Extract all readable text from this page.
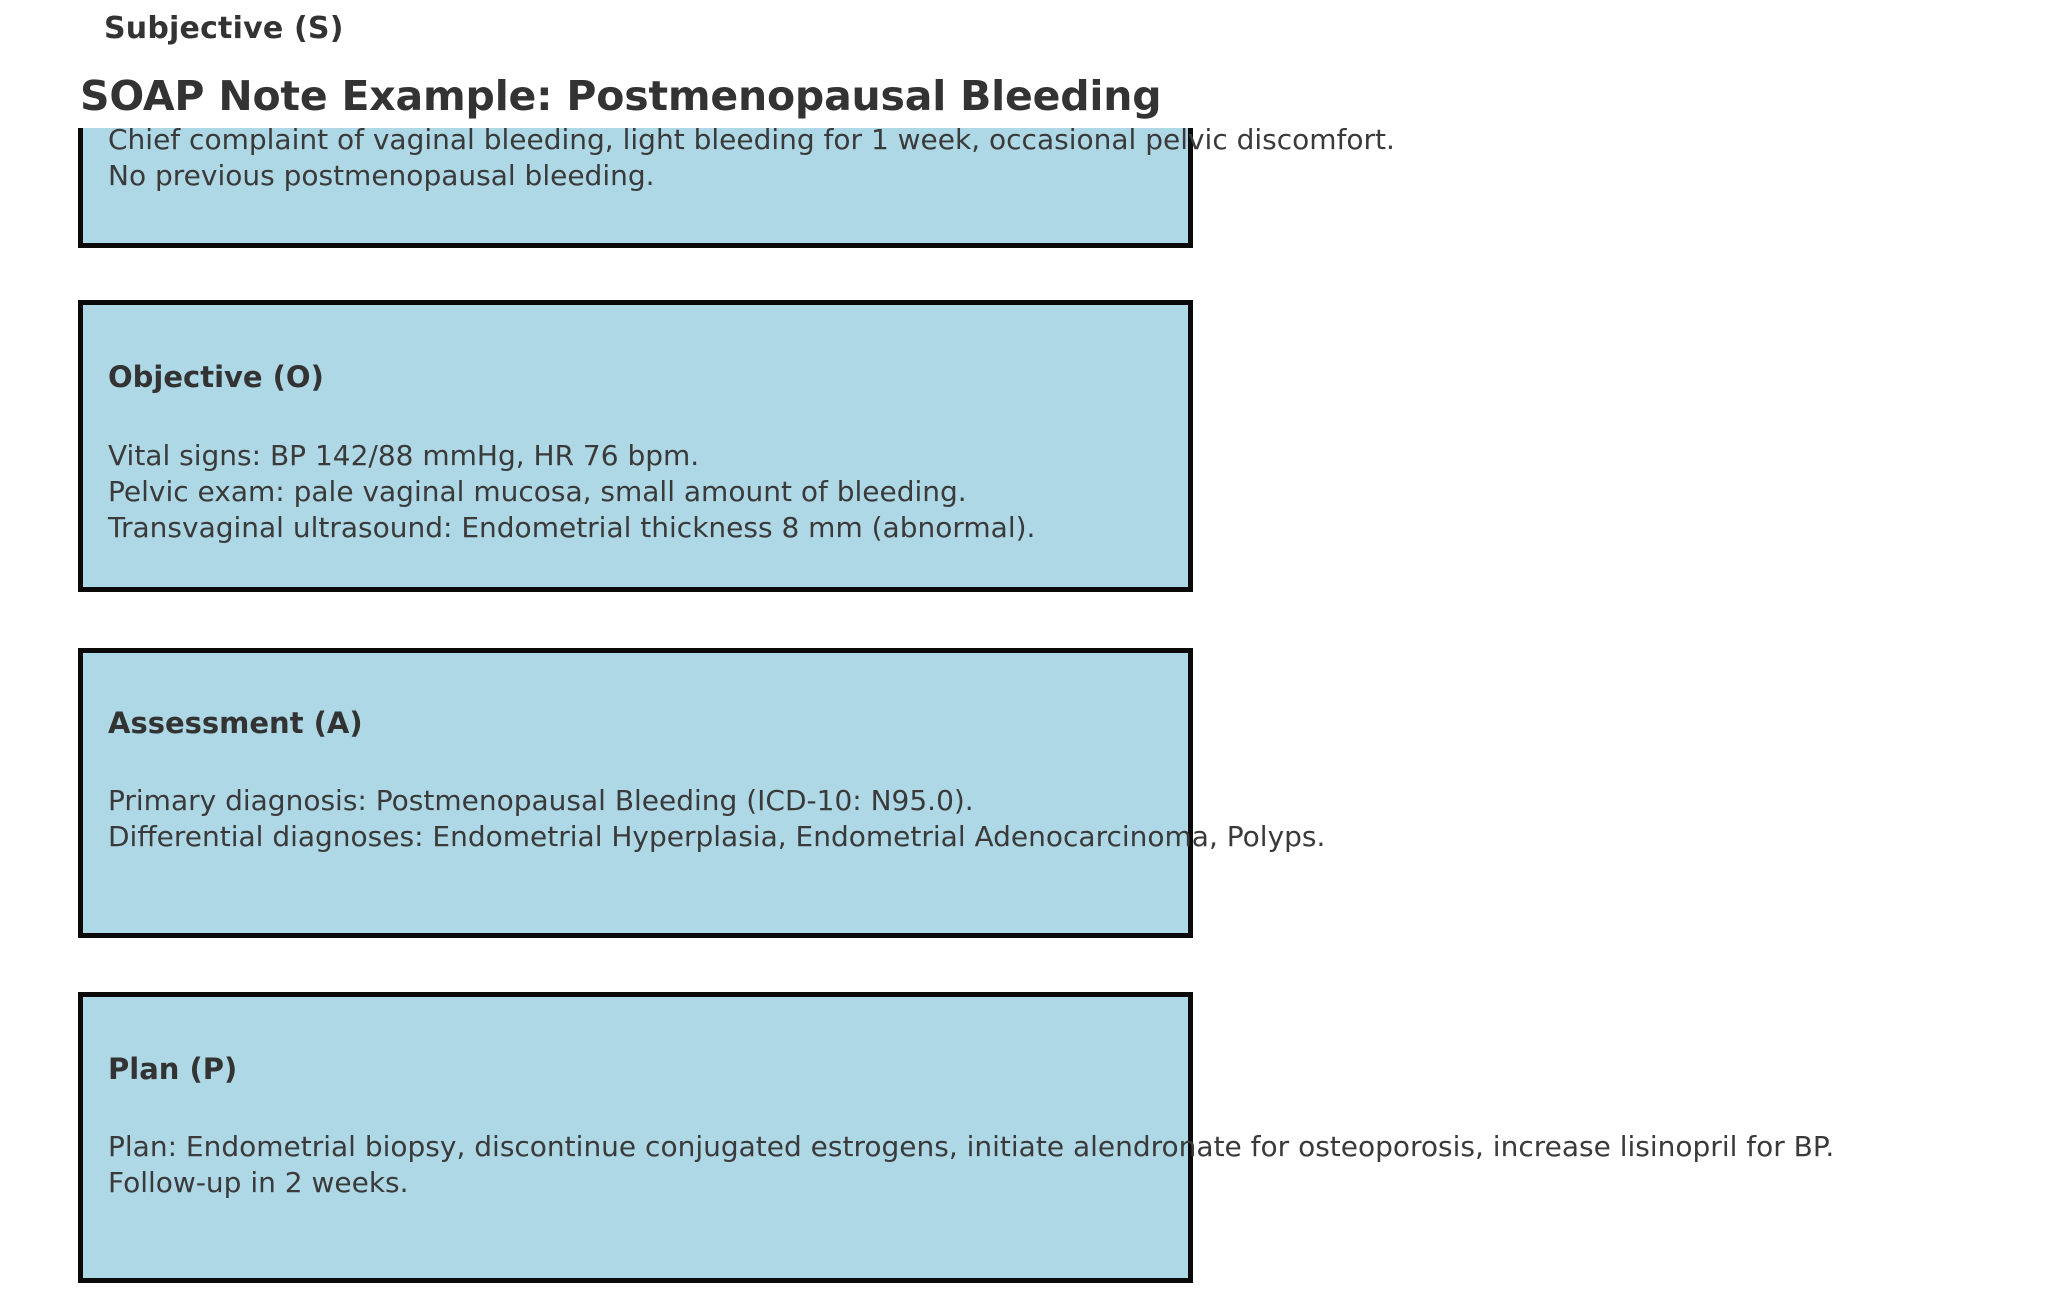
Subjective (S)
SOAP Note Example: Postmenopausal Bleeding
Chief complaint of vaginal bleeding, light bleeding for 1 week, occasional pelvic discomfort.
No previous postmenopausal bleeding.
Objective (O)
Vital signs: BP 142/88 mmHg, HR 76 bpm.
Pelvic exam: pale vaginal mucosa, small amount of bleeding.
Transvaginal ultrasound: Endometrial thickness 8 mm (abnormal).
Assessment (A)
Primary diagnosis: Postmenopausal Bleeding (ICD-10: N95.0).
Differential diagnoses: Endometrial Hyperplasia, Endometrial Adenocarcinoma, Polyps.
Plan (P)
Plan: Endometrial biopsy, discontinue conjugated estrogens, initiate alendronate for osteoporosis, increase lisinopril for BP.
Follow-up in 2 weeks.
